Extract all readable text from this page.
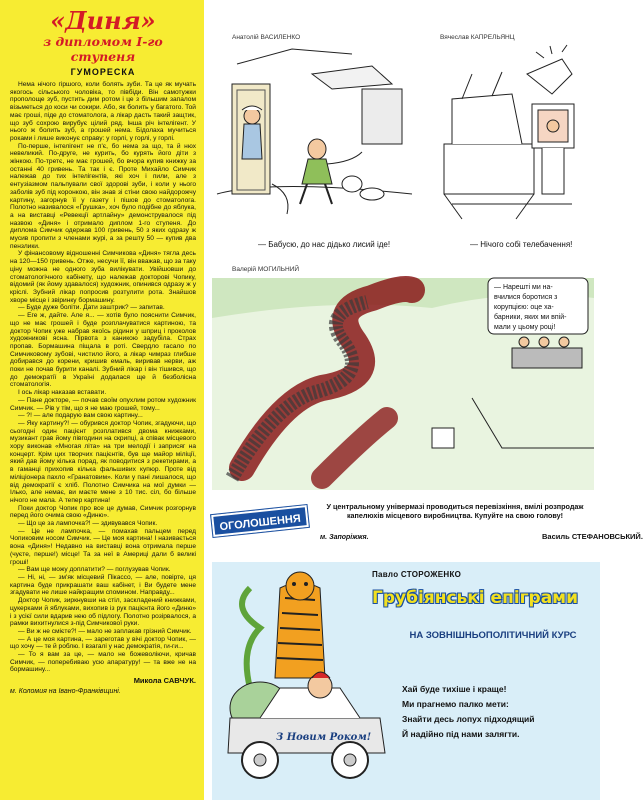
«Диня»
з дипломом I-го ступеня
ГУМОРЕСКА

Нема нічого гіршого, коли болять зуби. Та це як мучать якогось сільського чоловіка, то півбіди. Він самотужки прополоще зуб, пустить дим ротом і це з більшим запалом візьметься до коси чи сокири. Або, як болить у багатого. Той має гроші, піде до стоматолога, а лікар дасть такий защтик, що зуб сохрою вирубує цілий ряд. Інша річ інтелігент. У нього ж болить зуб, а грошей нема. Бідолаха мучиться роками і лише виконує справу: у горлі, у горлі, у горлі.

По-перше, інтелігент не п'є, бо нема за що, та й нюх невеликий. По-друге, не курить, бо курять його діти з жінкою. По-третє, не має грошей, бо вчора купив книжку за останні 40 гривень. Та так і є. Проте Михайло Симчик належав до тих інтелігентів, які хоч і пили, але з ентузіазмом пальпували свої здорові зуби, і коли у нього заболів зуб під коронкою, він знав зі стіни свою найдорожчу картину, загорнув її у газету і пішов до стоматолога. Полотно називалося «Грушка», хоч було подібне до яблука, а на виставці «Ревекції артлайну» демонструвалося під назвою «Диня» і отримало диплом 1-го ступеня. До диплома Симчик одержав 100 гривень, 50 з яких одразу ж мусив пропити з членами журі, а за решту 50 — купив два пензлики.

У фінансовому відношенні Симчикова «Диня» тягла десь на 120—150 гривень. Отже, несучи її, він вважав, що за таку ціну можна не одного зуба вилікувати. Увійшовши до стоматологічного кабінету, що належав докторові Чопику, відомий (як йому здавалося) художник, опинився одразу ж у кріслі. Зубний лікар попросив розтулити рота. Знайшов хворе місце і звіринку бормашину.

— Буде дуже боліти. Дати заштрик? — запитав.

— Еге ж, дайте. Але я... — хотів було пояснити Симчик, що не має грошей і буде розплачуватися картиною, та доктор Чопик уже набрав якоїсь рідини у шприц і проколов художникові ясна. Пірвота з каникою задубіла. Страх пропав. Бормашина піщала в роті. Свердло гасало по Симчиковому зубові, чистило його, а лікар чимраз глибше добирався до корени, кришив емаль, виривав нерви, аж поки не почав бурити каналі. Зубний лікар і він тішився, що до демократії в Україні додалася ще й безболісна стоматологія.

І ось лікар наказав вставати.

— Пане докторе, — почав своїм опухлим ротом художник Симчик. — Рів у тім, що я не маю грошей, тому...

— ?! — але подарую вам свою картину...

— Яку картину?! — обурився доктор Чопик, згадуючи, що сьогодні один пацієнт розплатився двома книжками, музикант грав йому півгодини на скрипці, а співак місцевого хору виконав «Многая літа» на три мелодії і заприсяг на концерт. Крім цих творчих пацієнтів, був ще майор міліції, який дав йому кілька порад, як поводитися з рекетирами, а в гаманці прихопив кілька фальшивих купюр. Проте від міліціонера пахло «Гранатовим». Коли у пані лишалося, що від демократії є хліб. Полотно Симчика на мої думки — Ілько, але немає, ви маєте мене з 10 тис. сіл, бо більше нічого не мала. А тепер картина!

Поки доктор Чопик про все це думав, Симчик розгорнув перед його очима свою «Диню».

— Що це за лампочка?! — здивувався Чопик.

— Це не лампочка, — помахав пальцем перед Чопиковим носом Симчик. — Це моя картина! І називається вона «Диня»! Недавно на виставці вона отримала перше (чуєте, перше!) місце! Та за неї в Америці дали б великі гроші!

— Вам ще можу доплатити? — поглузував Чопик.

— Ні, ні, — зм'як місцевий Пікассо, — але, повірте, ця картина буде прикрашати ваш кабінет, і Ви будете мене згадувати не лише найкращим спомином. Направду...

Доктор Чопик, зиркнувши на стіл, заскладений книжками, цукерками й яблуками, вихопив із рук пацієнта його «Диню» і з усієї сили вдарив нею об підлогу. Полотно розірвалося, а рамки вихитнулися з-під Симчикової руки.

— Ви ж не смієте?! — мало не заплакав грізний Симчик.

— А це моя картина, — зареготав у вічі доктор Чопик, — що хочу — те й роблю. І взагалі у нас демократія, ги-ги...

— То я вам за це, — мало не божеволіючи, кричав Симчик, — поперебиваю усю апаратуру! — та вже не на бормашину...

Микола САВЧУК.
м. Коломия на Івано-Франківщині.
Анатолій ВАСИЛЕНКО
— Бабусю, до нас дідько лисий іде!
Вячеслав КАПРЕЛЬЯНЦ
— Нічого собі телебачення!
Валерій МОГИЛЬНИЙ
— Нарешті ми на-
вчилися боротися з
корупцією: оце ха-
барники, яких ми впій-
мали у цьому році!
ОГОЛОШЕННЯ
У центральному універмазі проводиться перевізкіння, вмілі розпродаж капелюхів місцевого виробництва. Купуйте на свою голову!
м. Запоріжжя.	Василь СТЕФАНОВСЬКИЙ.
З Новим Роком!
Павло СТОРОЖЕНКО
Грубіянські епіграми
НА ЗОВНІШНЬОПОЛІТИЧНИЙ КУРС
Хай буде тихіше і краще!
Ми прагнемо палко мети:
Знайти десь лопух підходящий
Й надійно під нами залягти.
